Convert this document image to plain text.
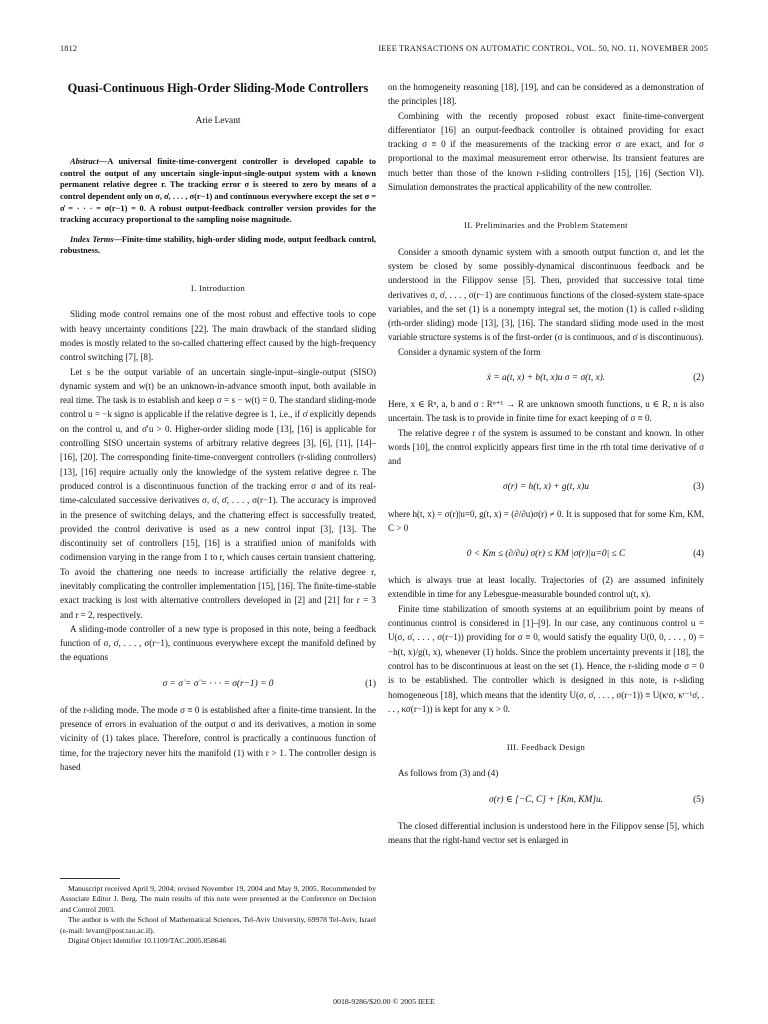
1812	IEEE TRANSACTIONS ON AUTOMATIC CONTROL, VOL. 50, NO. 11, NOVEMBER 2005
Quasi-Continuous High-Order Sliding-Mode Controllers
Arie Levant

Abstract—A universal finite-time-convergent controller is developed capable to control the output of any uncertain single-input-single-output system with a known permanent relative degree r. The tracking error σ is steered to zero by means of a control dependent only on σ, σ̇, . . . , σ(r−1) and continuous everywhere except the set σ = σ̇ = · · · = σ(r−1) = 0. A robust output-feedback controller version provides for the tracking accuracy proportional to the sampling noise magnitude.

Index Terms—Finite-time stability, high-order sliding mode, output feedback control, robustness.

I. Introduction

Sliding mode control remains one of the most robust and effective tools to cope with heavy uncertainty conditions [22]. The main drawback of the standard sliding modes is mostly related to the so-called chattering effect caused by the high-frequency control switching [7], [8].

Let s be the output variable of an uncertain single-input–single-output (SISO) dynamic system and w(t) be an unknown-in-advance smooth input, both available in real time. The task is to establish and keep σ = s − w(t) = 0. The standard sliding-mode control u = −k signσ is applicable if the relative degree is 1, i.e., if σ̇ explicitly depends on the control u, and σ̇′u > 0. Higher-order sliding mode [13], [16] is applicable for controlling SISO uncertain systems of arbitrary relative degrees [3], [6], [11], [14]–[16], [20]. The corresponding finite-time-convergent controllers (r-sliding controllers) [13], [16] require actually only the knowledge of the system relative degree r. The produced control is a discontinuous function of the tracking error σ and of its real-time-calculated successive derivatives σ, σ̇, σ̈, . . . , σ(r−1). The accuracy is improved in the presence of switching delays, and the chattering effect is successfully treated, provided the control derivative is used as a new control input [3], [13]. The discontinuity set of controllers [15], [16] is a stratified union of manifolds with codimension varying in the range from 1 to r, which causes certain transient chattering. To avoid the chattering one needs to increase artificially the relative degree r, inevitably complicating the controller implementation [15], [16]. The finite-time-stable exact tracking is lost with alternative controllers developed in [2] and [21] for r = 3 and r = 2, respectively.

A sliding-mode controller of a new type is proposed in this note, being a feedback function of σ, σ̇, . . . , σ(r−1), continuous everywhere except the manifold defined by the equations

σ = σ̇ = σ̈ = · · · = σ(r−1) = 0	(1)

of the r-sliding mode. The mode σ ≡ 0 is established after a finite-time transient. In the presence of errors in evaluation of the output σ and its derivatives, a motion in some vicinity of (1) takes place. Therefore, control is practically a continuous function of time, for the trajectory never hits the manifold (1) with r > 1. The controller design is based

on the homogeneity reasoning [18], [19], and can be considered as a demonstration of the principles [18].

Combining with the recently proposed robust exact finite-time-convergent differentiator [16] an output-feedback controller is obtained providing for exact tracking σ ≡ 0 if the measurements of the tracking error σ are exact, and for σ proportional to the maximal measurement error otherwise. Its transient features are much better than those of the known r-sliding controllers [15], [16] (Section VI). Simulation demonstrates the practical applicability of the new controller.

II. Preliminaries and the Problem Statement

Consider a smooth dynamic system with a smooth output function σ, and let the system be closed by some possibly-dynamical discontinuous feedback and be understood in the Filippov sense [5]. Then, provided that successive total time derivatives σ, σ̇, . . . , σ(r−1) are continuous functions of the closed-system state-space variables, and the set (1) is a nonempty integral set, the motion (1) is called r-sliding (rth-order sliding) mode [13], [3], [16]. The standard sliding mode used in the most variable structure systems is of the first-order (σ is continuous, and σ̇ is discontinuous).

Consider a dynamic system of the form

ẋ = a(t, x) + b(t, x)u σ = σ(t, x).	(2)

Here, x ∈ Rⁿ, a, b and σ : Rⁿ⁺¹ → R are unknown smooth functions, u ∈ R, n is also uncertain. The task is to provide in finite time for exact keeping of σ ≡ 0.

The relative degree r of the system is assumed to be constant and known. In other words [10], the control explicitly appears first time in the rth total time derivative of σ and

σ(r) = h(t, x) + g(t, x)u	(3)

where h(t, x) = σ(r)|u=0, g(t, x) = (∂/∂u)σ(r) ≠ 0. It is supposed that for some Km, KM, C > 0

0 < Km ≤ (∂/∂u) σ(r) ≤ KM |σ(r)|u=0| ≤ C	(4)

which is always true at least locally. Trajectories of (2) are assumed infinitely extendible in time for any Lebesgue-measurable bounded control u(t, x).

Finite time stabilization of smooth systems at an equilibrium point by means of continuous control is considered in [1]–[9]. In our case, any continuous control u = U(σ, σ̇, . . . , σ(r−1)) providing for σ ≡ 0, would satisfy the equality U(0, 0, . . . , 0) = −h(t, x)/g(t, x), whenever (1) holds. Since the problem uncertainty prevents it [18], the control has to be discontinuous at least on the set (1). Hence, the r-sliding mode σ = 0 is to be established. The controller which is designed in this note, is r-sliding homogeneous [18], which means that the identity U(σ, σ̇, . . . , σ(r−1)) ≡ U(κʳσ, κʳ⁻¹σ̇, . . . , κσ(r−1)) is kept for any κ > 0.

III. Feedback Design

As follows from (3) and (4)

σ(r) ∈ [−C, C] + [Km, KM]u.	(5)

The closed differential inclusion is understood here in the Filippov sense [5], which means that the right-hand vector set is enlarged in

Manuscript received April 9, 2004; revised November 19, 2004 and May 9, 2005. Recommended by Associate Editor J. Berg. The main results of this note were presented at the Conference on Decision and Control 2003.

The author is with the School of Mathematical Sciences, Tel-Aviv University, 69978 Tel-Aviv, Israel (e-mail: levant@post.tau.ac.il).

Digital Object Identifier 10.1109/TAC.2005.858646

0018-9286/$20.00 © 2005 IEEE
